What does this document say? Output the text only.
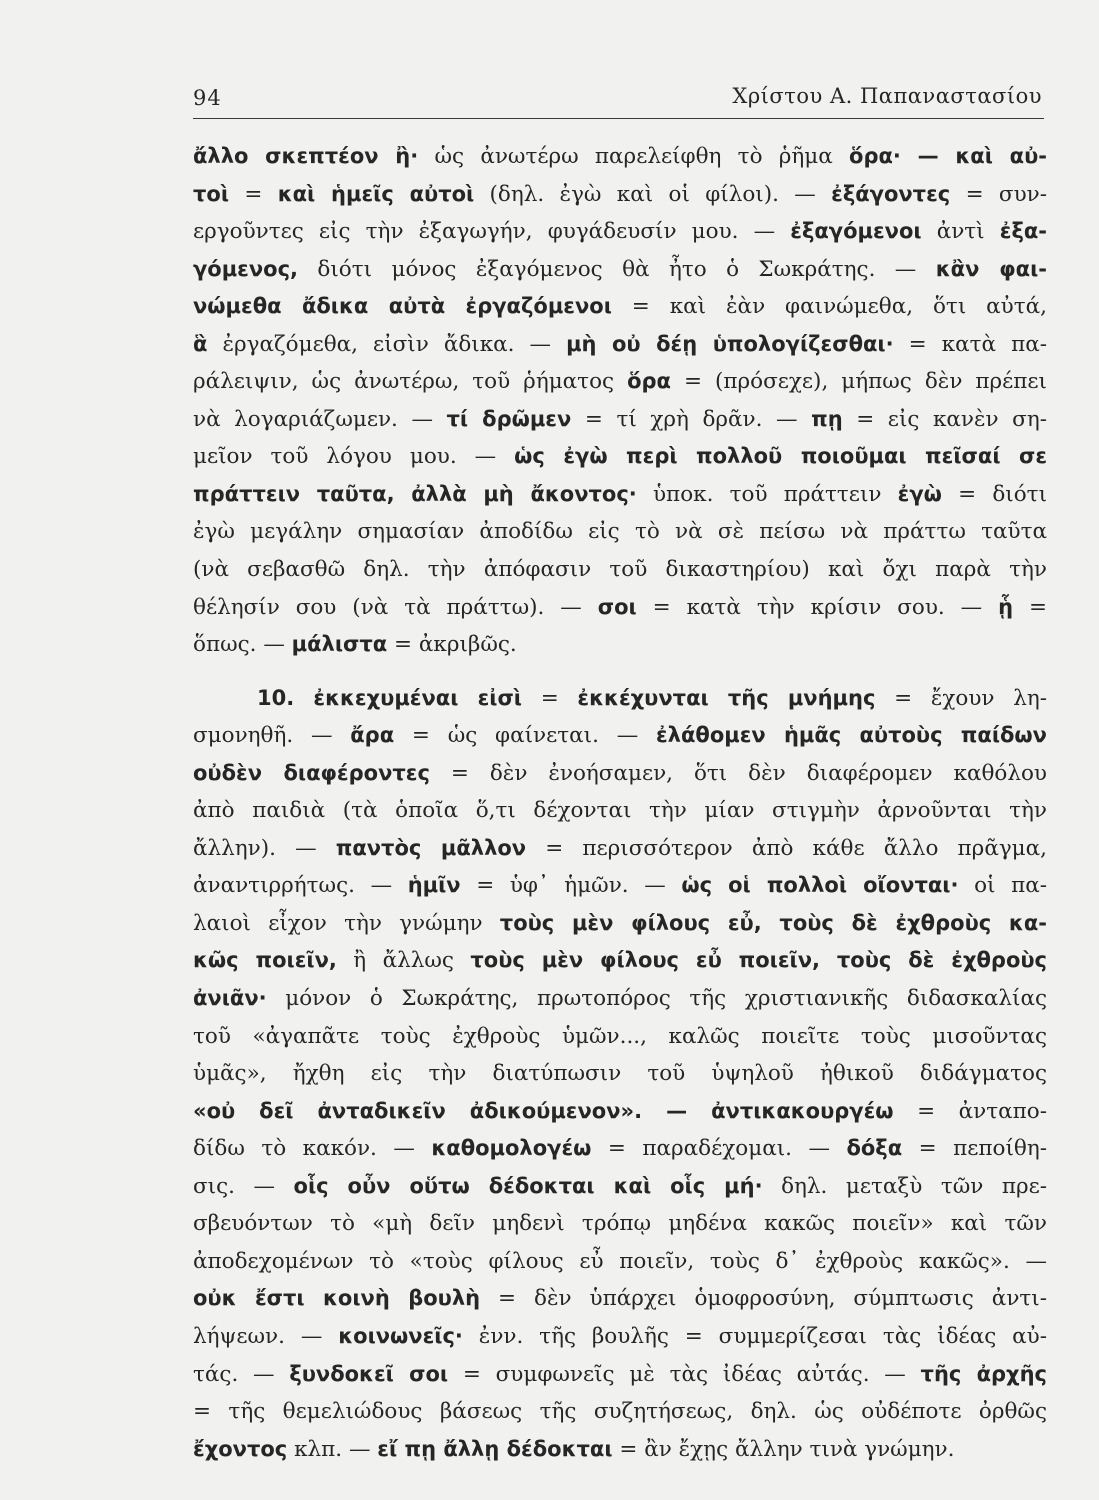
94	Χρίστου Α. Παπαναστασίου
ἄλλο σκεπτέον ἢ· ὡς ἀνωτέρω παρελείφθη τὸ ῥῆμα ὅρα· — καὶ αὐ-
τοὶ = καὶ ἡμεῖς αὐτοὶ (δηλ. ἐγὼ καὶ οἱ φίλοι). — ἐξάγοντες = συν-
εργοῦντες εἰς τὴν ἐξαγωγήν, φυγάδευσίν μου. — ἐξαγόμενοι ἀντὶ ἐξα-
γόμενος, διότι μόνος ἐξαγόμενος θὰ ἦτο ὁ Σωκράτης. — κἂν φαι-
νώμεθα ἄδικα αὐτὰ ἐργαζόμενοι = καὶ ἐὰν φαινώμεθα, ὅτι αὐτά,
ἃ ἐργαζόμεθα, εἰσὶν ἄδικα. — μὴ οὐ δέῃ ὑπολογίζεσθαι· = κατὰ πα-
ράλειψιν, ὡς ἀνωτέρω, τοῦ ῥήματος ὅρα = (πρόσεχε), μήπως δὲν πρέπει
νὰ λογαριάζωμεν. — τί δρῶμεν = τί χρὴ δρᾶν. — πῃ = εἰς κανὲν ση-
μεῖον τοῦ λόγου μου. — ὡς ἐγὼ περὶ πολλοῦ ποιοῦμαι πεῖσαί σε
πράττειν ταῦτα, ἀλλὰ μὴ ἄκοντος· ὑποκ. τοῦ πράττειν ἐγὼ = διότι
ἐγὼ μεγάλην σημασίαν ἀποδίδω εἰς τὸ νὰ σὲ πείσω νὰ πράττω ταῦτα
(νὰ σεβασθῶ δηλ. τὴν ἀπόφασιν τοῦ δικαστηρίου) καὶ ὄχι παρὰ τὴν
θέλησίν σου (νὰ τὰ πράττω). — σοι = κατὰ τὴν κρίσιν σου. — ᾗ =
ὅπως. — μάλιστα = ἀκριβῶς.
10. ἐκκεχυμέναι εἰσὶ = ἐκκέχυνται τῆς μνήμης = ἔχουν λη-
σμονηθῆ. — ἄρα = ὡς φαίνεται. — ἐλάθομεν ἡμᾶς αὐτοὺς παίδων
οὐδὲν διαφέροντες = δὲν ἐνοήσαμεν, ὅτι δὲν διαφέρομεν καθόλου
ἀπὸ παιδιὰ (τὰ ὁποῖα ὅ,τι δέχονται τὴν μίαν στιγμὴν ἀρνοῦνται τὴν
ἄλλην). — παντὸς μᾶλλον = περισσότερον ἀπὸ κάθε ἄλλο πρᾶγμα,
ἀναντιρρήτως. — ἡμῖν = ὑφ᾿ ἡμῶν. — ὡς οἱ πολλοὶ οἴονται· οἱ πα-
λαιοὶ εἶχον τὴν γνώμην τοὺς μὲν φίλους εὖ, τοὺς δὲ ἐχθροὺς κα-
κῶς ποιεῖν, ἢ ἄλλως τοὺς μὲν φίλους εὖ ποιεῖν, τοὺς δὲ ἐχθροὺς
ἀνιᾶν· μόνον ὁ Σωκράτης, πρωτοπόρος τῆς χριστιανικῆς διδασκαλίας
τοῦ «ἀγαπᾶτε τοὺς ἐχθροὺς ὑμῶν..., καλῶς ποιεῖτε τοὺς μισοῦντας
ὑμᾶς», ἤχθη εἰς τὴν διατύπωσιν τοῦ ὑψηλοῦ ἠθικοῦ διδάγματος
«οὐ δεῖ ἀνταδικεῖν ἀδικούμενον». — ἀντικακουργέω = ἀνταπο-
δίδω τὸ κακόν. — καθομολογέω = παραδέχομαι. — δόξα = πεποίθη-
σις. — οἷς οὖν οὕτω δέδοκται καὶ οἷς μή· δηλ. μεταξὺ τῶν πρε-
σβευόντων τὸ «μὴ δεῖν μηδενὶ τρόπῳ μηδένα κακῶς ποιεῖν» καὶ τῶν
ἀποδεχομένων τὸ «τοὺς φίλους εὖ ποιεῖν, τοὺς δ᾿ ἐχθροὺς κακῶς». —
οὐκ ἔστι κοινὴ βουλὴ = δὲν ὑπάρχει ὁμοφροσύνη, σύμπτωσις ἀντι-
λήψεων. — κοινωνεῖς· ἐνν. τῆς βουλῆς = συμμερίζεσαι τὰς ἰδέας αὐ-
τάς. — ξυνδοκεῖ σοι = συμφωνεῖς μὲ τὰς ἰδέας αὐτάς. — τῆς ἀρχῆς
= τῆς θεμελιώδους βάσεως τῆς συζητήσεως, δηλ. ὡς οὐδέποτε ὀρθῶς
ἔχοντος κλπ. — εἴ πῃ ἄλλῃ δέδοκται = ἂν ἔχῃς ἄλλην τινὰ γνώμην.
